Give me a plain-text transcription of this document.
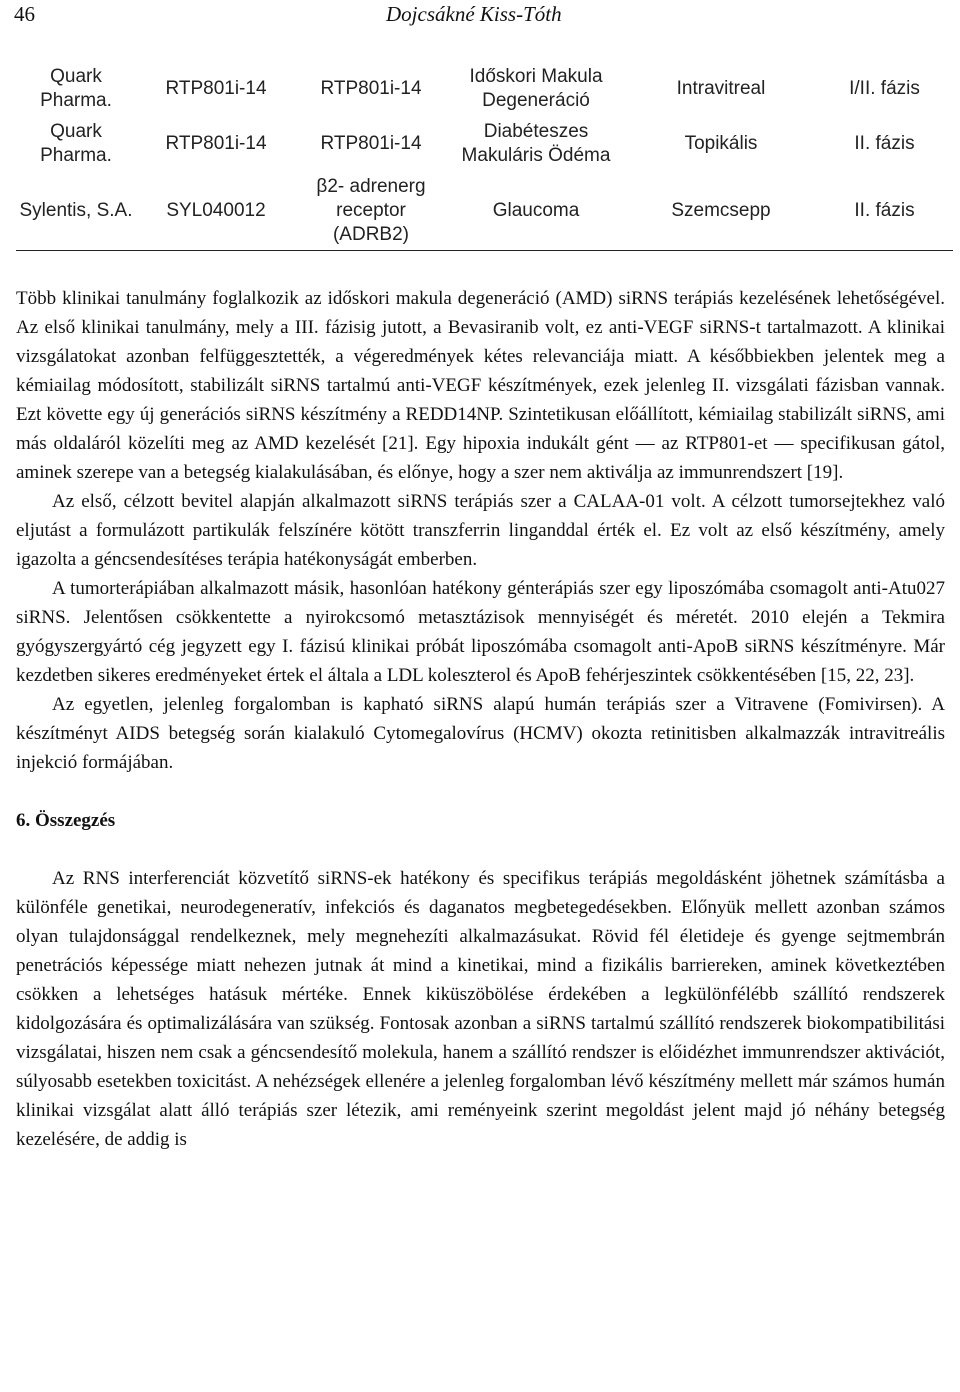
46	Dojcsákné Kiss-Tóth
Quark Pharma.	RTP801i-14	RTP801i-14	Időskori Makula Degeneráció	Intravitreal	I/II. fázis
Quark Pharma.	RTP801i-14	RTP801i-14	Diabéteszes Makuláris Ödéma	Topikális	II. fázis
Sylentis, S.A.	SYL040012	β2- adrenerg receptor (ADRB2)	Glaucoma	Szemcsepp	II. fázis

Több klinikai tanulmány foglalkozik az időskori makula degeneráció (AMD) siRNS terápiás kezelésének lehetőségével. Az első klinikai tanulmány, mely a III. fázisig jutott, a Bevasiranib volt, ez anti-VEGF siRNS-t tartalmazott. A klinikai vizsgálatokat azonban felfüggesztették, a végeredmények kétes relevanciája miatt. A későbbiekben jelentek meg a kémiailag módosított, stabilizált siRNS tartalmú anti-VEGF készítmények, ezek jelenleg II. vizsgálati fázisban vannak. Ezt követte egy új generációs siRNS készítmény a REDD14NP. Szintetikusan előállított, kémiailag stabilizált siRNS, ami más oldaláról közelíti meg az AMD kezelését [21]. Egy hipoxia indukált gént — az RTP801-et — specifikusan gátol, aminek szerepe van a betegség kialakulásában, és előnye, hogy a szer nem aktiválja az immunrendszert [19].

Az első, célzott bevitel alapján alkalmazott siRNS terápiás szer a CALAA-01 volt. A célzott tumorsejtekhez való eljutást a formulázott partikulák felszínére kötött transzferrin linganddal érték el. Ez volt az első készítmény, amely igazolta a géncsendesítéses terápia hatékonyságát emberben.

A tumorterápiában alkalmazott másik, hasonlóan hatékony génterápiás szer egy liposzómába csomagolt anti-Atu027 siRNS. Jelentősen csökkentette a nyirokcsomó metasztázisok mennyiségét és méretét. 2010 elején a Tekmira gyógyszergyártó cég jegyzett egy I. fázisú klinikai próbát liposzómába csomagolt anti-ApoB siRNS készítményre. Már kezdetben sikeres eredményeket értek el általa a LDL koleszterol és ApoB fehérjeszintek csökkentésében [15, 22, 23].

Az egyetlen, jelenleg forgalomban is kapható siRNS alapú humán terápiás szer a Vitravene (Fomivirsen). A készítményt AIDS betegség során kialakuló Cytomegalovírus (HCMV) okozta retinitisben alkalmazzák intravitreális injekció formájában.

6. Összegzés

Az RNS interferenciát közvetítő siRNS-ek hatékony és specifikus terápiás megoldásként jöhetnek számításba a különféle genetikai, neurodegeneratív, infekciós és daganatos megbetegedésekben. Előnyük mellett azonban számos olyan tulajdonsággal rendelkeznek, mely megnehezíti alkalmazásukat. Rövid fél életideje és gyenge sejtmembrán penetrációs képessége miatt nehezen jutnak át mind a kinetikai, mind a fizikális barriereken, aminek következtében csökken a lehetséges hatásuk mértéke. Ennek kiküszöbölése érdekében a legkülönfélébb szállító rendszerek kidolgozására és optimalizálására van szükség. Fontosak azonban a siRNS tartalmú szállító rendszerek biokompatibilitási vizsgálatai, hiszen nem csak a géncsendesítő molekula, hanem a szállító rendszer is előidézhet immunrendszer aktivációt, súlyosabb esetekben toxicitást. A nehézségek ellenére a jelenleg forgalomban lévő készítmény mellett már számos humán klinikai vizsgálat alatt álló terápiás szer létezik, ami reményeink szerint megoldást jelent majd jó néhány betegség kezelésére, de addig is
